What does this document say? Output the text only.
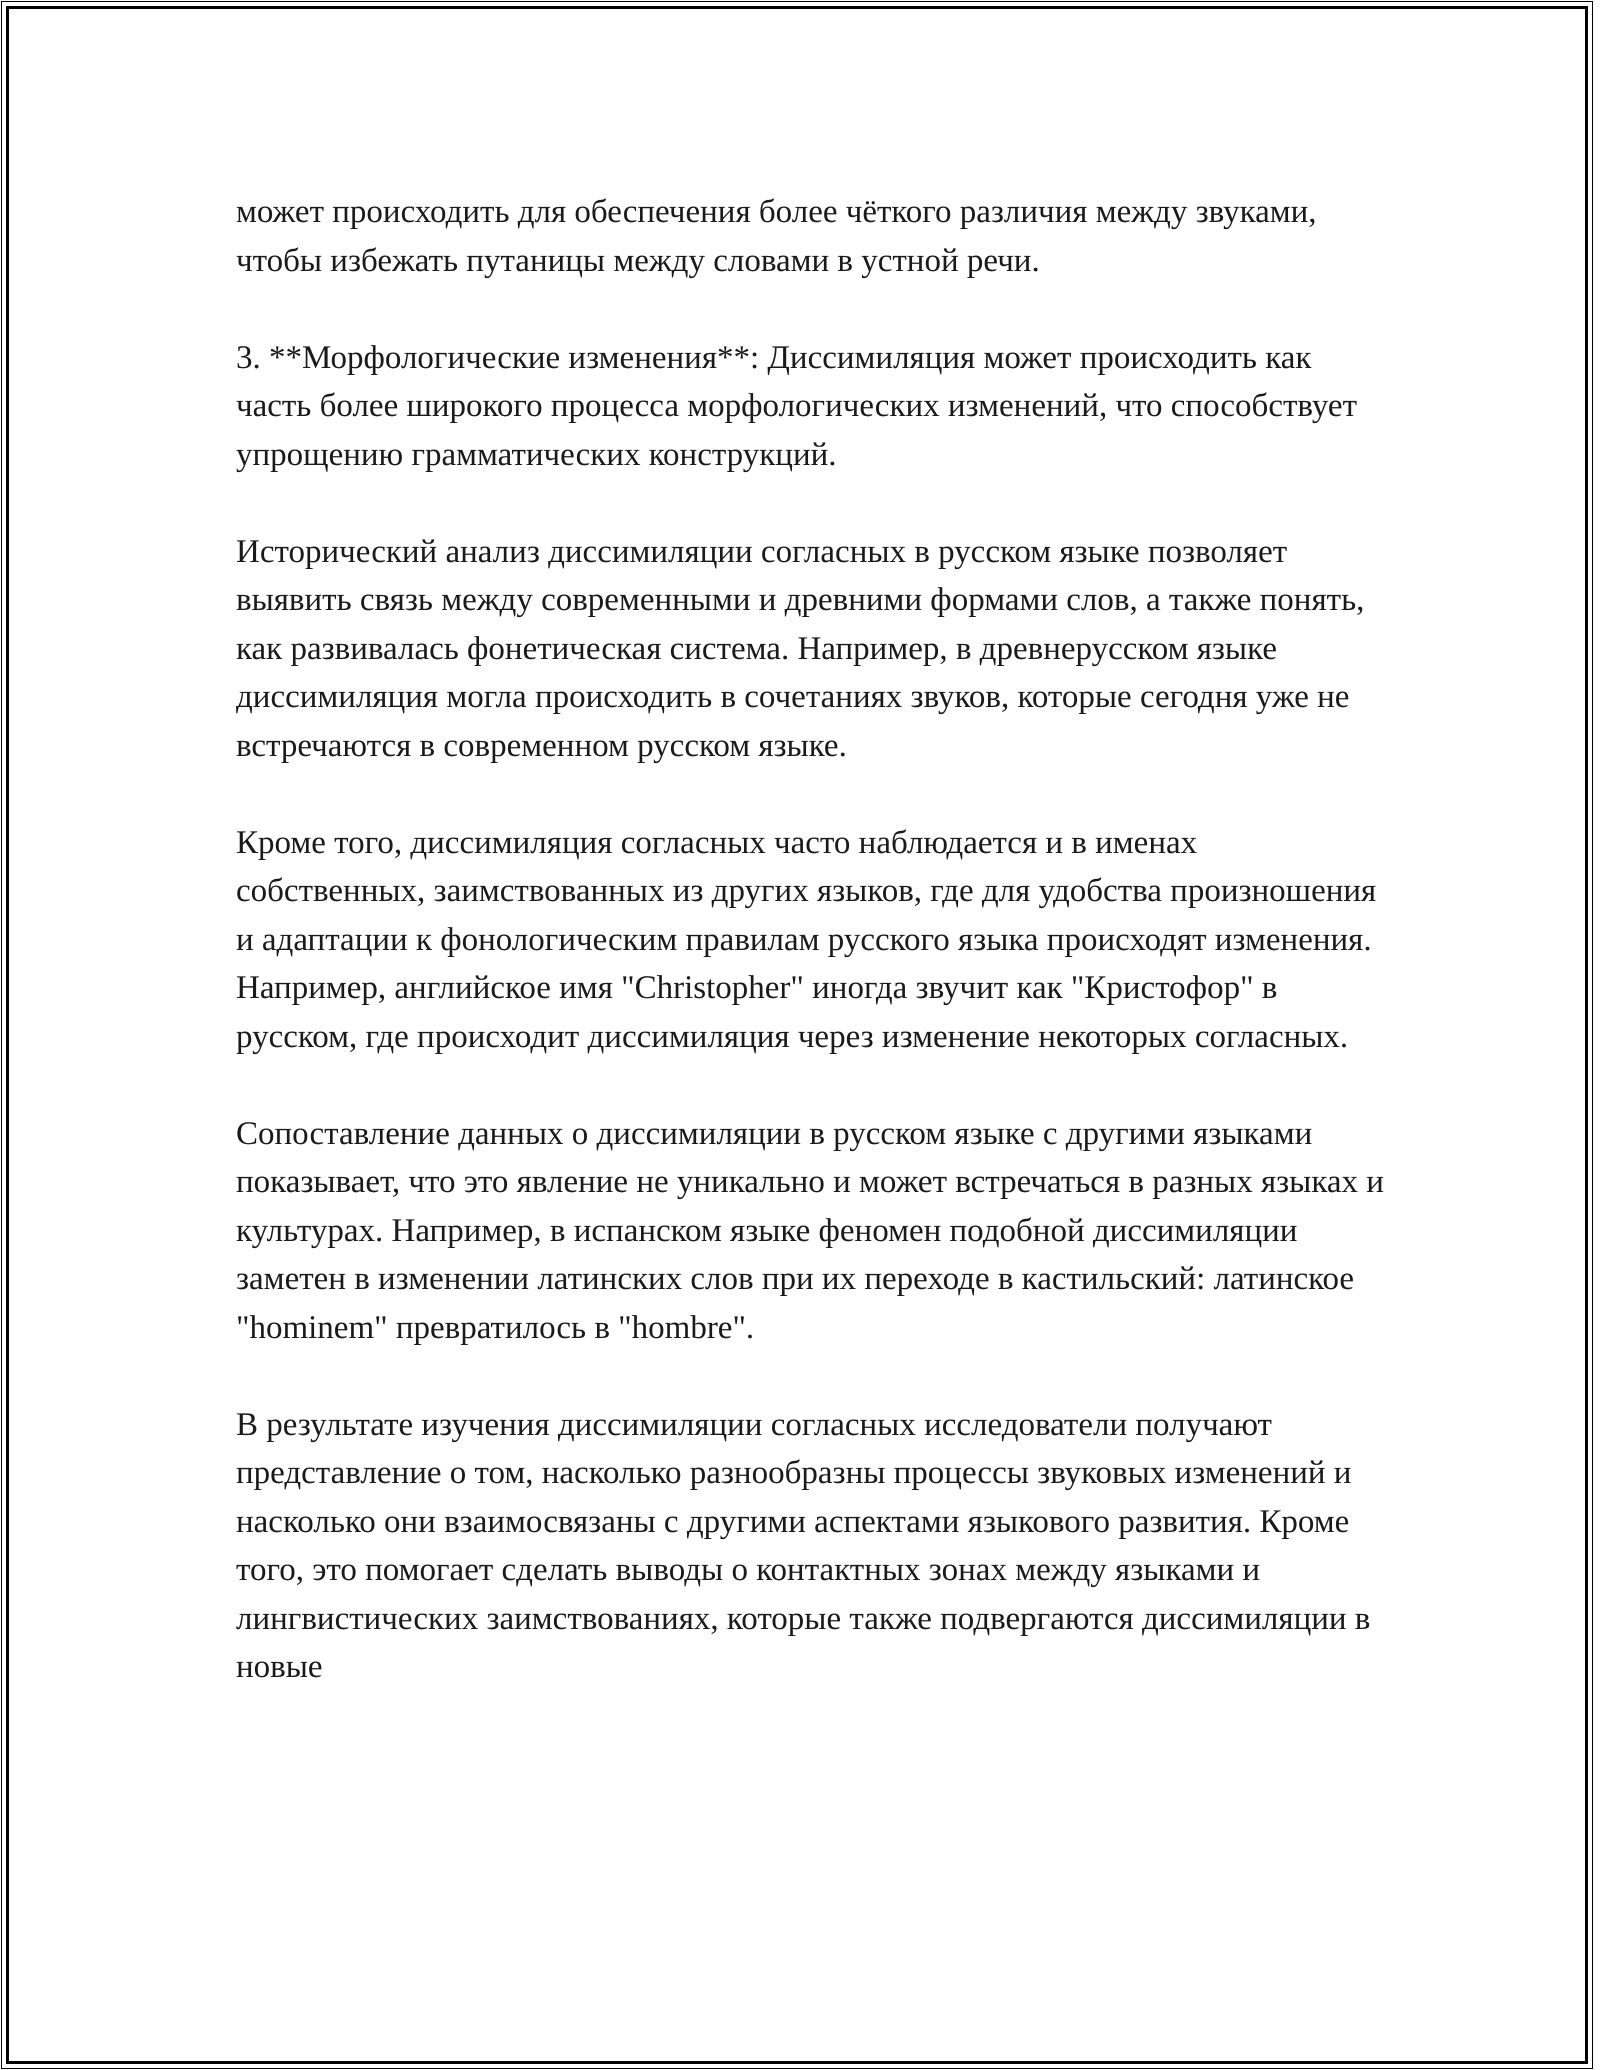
может происходить для обеспечения более чёткого различия между звуками, чтобы избежать путаницы между словами в устной речи.

3. **Морфологические изменения**: Диссимиляция может происходить как часть более широкого процесса морфологических изменений, что способствует упрощению грамматических конструкций.

Исторический анализ диссимиляции согласных в русском языке позволяет выявить связь между современными и древними формами слов, а также понять, как развивалась фонетическая система. Например, в древнерусском языке диссимиляция могла происходить в сочетаниях звуков, которые сегодня уже не встречаются в современном русском языке.

Кроме того, диссимиляция согласных часто наблюдается и в именах собственных, заимствованных из других языков, где для удобства произношения и адаптации к фонологическим правилам русского языка происходят изменения. Например, английское имя "Christopher" иногда звучит как "Кристофор" в русском, где происходит диссимиляция через изменение некоторых согласных.

Сопоставление данных о диссимиляции в русском языке с другими языками показывает, что это явление не уникально и может встречаться в разных языках и культурах. Например, в испанском языке феномен подобной диссимиляции заметен в изменении латинских слов при их переходе в кастильский: латинское "hominem" превратилось в "hombre".

В результате изучения диссимиляции согласных исследователи получают представление о том, насколько разнообразны процессы звуковых изменений и насколько они взаимосвязаны с другими аспектами языкового развития. Кроме того, это помогает сделать выводы о контактных зонах между языками и лингвистических заимствованиях, которые также подвергаются диссимиляции в новые
